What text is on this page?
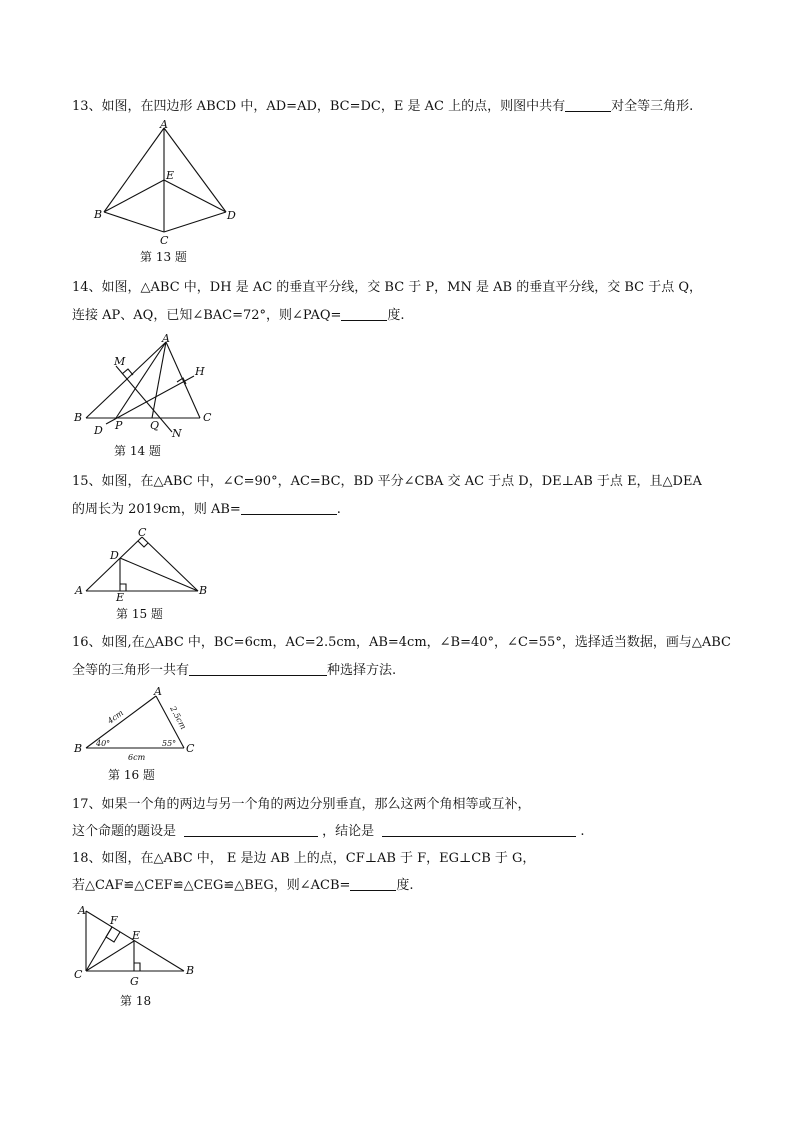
13、如图，在四边形 ABCD 中，AD=AD，BC=DC，E 是 AC 上的点，则图中共有	对全等三角形.
A
B
C
D
E
第 13 题
14、如图，△ABC 中，DH 是 AC 的垂直平分线，交 BC 于 P，MN 是 AB 的垂直平分线，交 BC 于点 Q，
连接 AP、AQ，已知∠BAC=72°，则∠PAQ=	度.
A
B	C
D
H
M
N
P	Q
第 14 题
15、如图，在△ABC 中，∠C=90°，AC=BC，BD 平分∠CBA 交 AC 于点 D，DE⊥AB 于点 E，且△DEA
的周长为 2019cm，则 AB=	.
C
D
A	B
E
第 15 题
16、如图,在△ABC 中，BC=6cm，AC=2.5cm，AB=4cm，∠B=40°，∠C=55°，选择适当数据，画与△ABC
全等的三角形一共有	种选择方法.
A
B	C
4cm	2.5cm
6cm
40°	55°
第 16 题
17、如果一个角的两边与另一个角的两边分别垂直，那么这两个角相等或互补，
这个命题的题设是	，结论是	.
18、如图，在△ABC 中， E 是边 AB 上的点，CF⊥AB 于 F，EG⊥CB 于 G，
若△CAF≌△CEF≌△CEG≌△BEG，则∠ACB=	度.
A
F
E
C
G
B
第 18
